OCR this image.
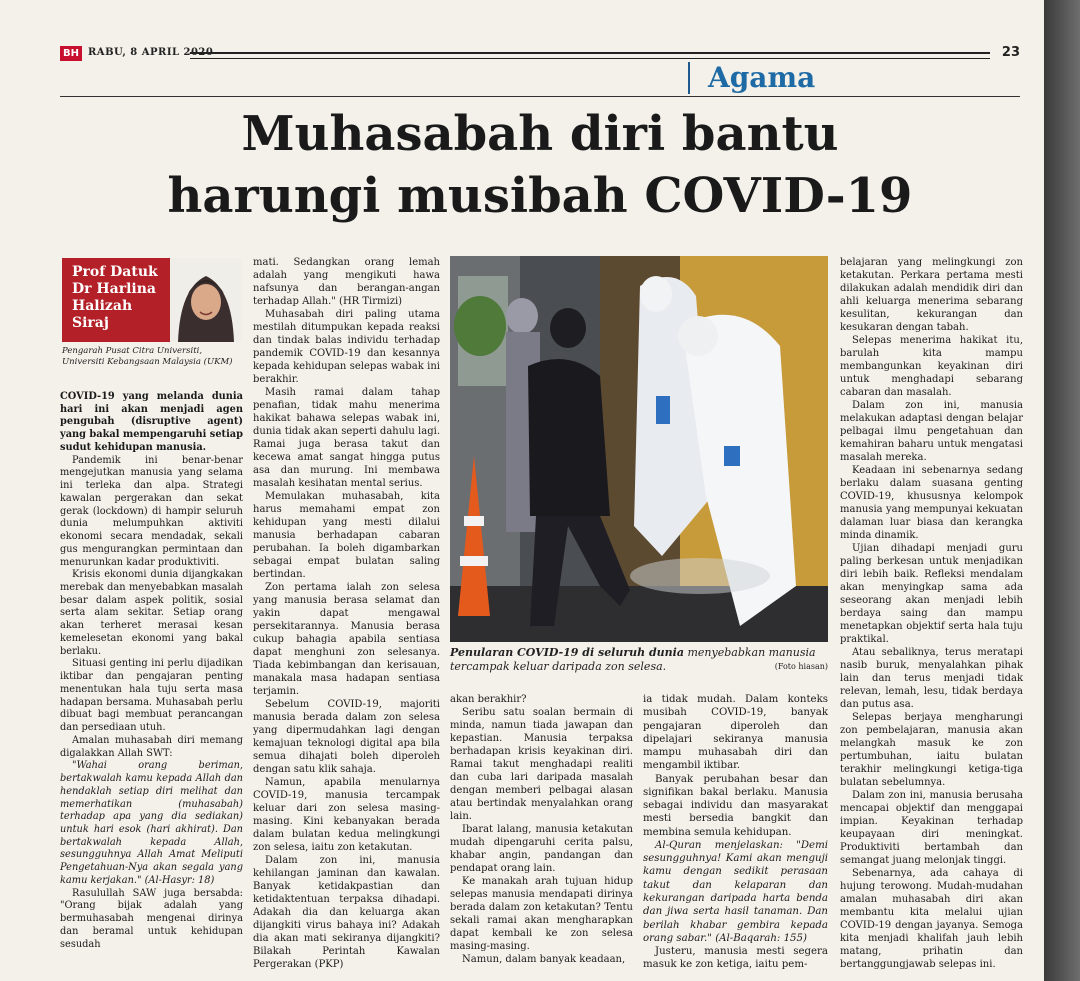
BH RABU, 8 APRIL 2020	23
Agama
Muhasabah diri bantu
harungi musibah COVID-19
Prof Datuk
Dr Harlina
Halizah
Siraj
Pengarah Pusat Citra Universiti, Universiti Kebangsaan Malaysia (UKM)

COVID-19 yang melanda dunia hari ini akan menjadi agen pengubah (disruptive agent) yang bakal mempengaruhi setiap sudut kehidupan manusia.

Pandemik ini benar-benar mengejutkan manusia yang selama ini terleka dan alpa. Strategi kawalan pergerakan dan sekat gerak (lockdown) di hampir seluruh dunia melumpuhkan aktiviti ekonomi secara mendadak, sekali gus mengurangkan permintaan dan menurunkan kadar produktiviti.

Krisis ekonomi dunia dijangkakan merebak dan menyebabkan masalah besar dalam aspek politik, sosial serta alam sekitar. Setiap orang akan terheret merasai kesan kemelesetan ekonomi yang bakal berlaku.

Situasi genting ini perlu dijadikan iktibar dan pengajaran penting menentukan hala tuju serta masa hadapan bersama. Muhasabah perlu dibuat bagi membuat perancangan dan persediaan utuh.

Amalan muhasabah diri memang digalakkan Allah SWT:

"Wahai orang beriman, bertakwalah kamu kepada Allah dan hendaklah setiap diri melihat dan memerhatikan (muhasabah) terhadap apa yang dia sediakan) untuk hari esok (hari akhirat). Dan bertakwalah kepada Allah, sesungguhnya Allah Amat Meliputi Pengetahuan-Nya akan segala yang kamu kerjakan." (Al-Hasyr: 18)

Rasulullah SAW juga bersabda: "Orang bijak adalah yang bermuhasabah mengenai dirinya dan beramal untuk kehidupan sesudah

mati. Sedangkan orang lemah adalah yang mengikuti hawa nafsunya dan berangan-angan terhadap Allah." (HR Tirmizi)

Muhasabah diri paling utama mestilah ditumpukan kepada reaksi dan tindak balas individu terhadap pandemik COVID-19 dan kesannya kepada kehidupan selepas wabak ini berakhir.

Masih ramai dalam tahap penafian, tidak mahu menerima hakikat bahawa selepas wabak ini, dunia tidak akan seperti dahulu lagi. Ramai juga berasa takut dan kecewa amat sangat hingga putus asa dan murung. Ini membawa masalah kesihatan mental serius.

Memulakan muhasabah, kita harus memahami empat zon kehidupan yang mesti dilalui manusia berhadapan cabaran perubahan. Ia boleh digambarkan sebagai empat bulatan saling bertindan.

Zon pertama ialah zon selesa yang manusia berasa selamat dan yakin dapat mengawal persekitarannya. Manusia berasa cukup bahagia apabila sentiasa dapat menghuni zon selesanya. Tiada kebimbangan dan kerisauan, manakala masa hadapan sentiasa terjamin.

Sebelum COVID-19, majoriti manusia berada dalam zon selesa yang dipermudahkan lagi dengan kemajuan teknologi digital apa bila semua dihajati boleh diperoleh dengan satu klik sahaja.

Namun, apabila menularnya COVID-19, manusia tercampak keluar dari zon selesa masing-masing. Kini kebanyakan berada dalam bulatan kedua melingkungi zon selesa, iaitu zon ketakutan.

Dalam zon ini, manusia kehilangan jaminan dan kawalan. Banyak ketidakpastian dan ketidaktentuan terpaksa dihadapi. Adakah dia dan keluarga akan dijangkiti virus bahaya ini? Adakah dia akan mati sekiranya dijangkiti? Bilakah Perintah Kawalan Pergerakan (PKP)

Penularan COVID-19 di seluruh dunia menyebabkan manusia tercampak keluar daripada zon selesa.	(Foto hiasan)

akan berakhir?

Seribu satu soalan bermain di minda, namun tiada jawapan dan kepastian. Manusia terpaksa berhadapan krisis keyakinan diri. Ramai takut menghadapi realiti dan cuba lari daripada masalah dengan memberi pelbagai alasan atau bertindak menyalahkan orang lain.

Ibarat lalang, manusia ketakutan mudah dipengaruhi cerita palsu, khabar angin, pandangan dan pendapat orang lain.

Ke manakah arah tujuan hidup selepas manusia mendapati dirinya berada dalam zon ketakutan? Tentu sekali ramai akan mengharapkan dapat kembali ke zon selesa masing-masing.

Namun, dalam banyak keadaan,

ia tidak mudah. Dalam konteks musibah COVID-19, banyak pengajaran diperoleh dan dipelajari sekiranya manusia mampu muhasabah diri dan mengambil iktibar.

Banyak perubahan besar dan signifikan bakal berlaku. Manusia sebagai individu dan masyarakat mesti bersedia bangkit dan membina semula kehidupan.

Al-Quran menjelaskan: "Demi sesungguhnya! Kami akan menguji kamu dengan sedikit perasaan takut dan kelaparan dan kekurangan daripada harta benda dan jiwa serta hasil tanaman. Dan berilah khabar gembira kepada orang sabar." (Al-Baqarah: 155)

Justeru, manusia mesti segera masuk ke zon ketiga, iaitu pem-

belajaran yang melingkungi zon ketakutan. Perkara pertama mesti dilakukan adalah mendidik diri dan ahli keluarga menerima sebarang kesulitan, kekurangan dan kesukaran dengan tabah.

Selepas menerima hakikat itu, barulah kita mampu membangunkan keyakinan diri untuk menghadapi sebarang cabaran dan masalah.

Dalam zon ini, manusia melakukan adaptasi dengan belajar pelbagai ilmu pengetahuan dan kemahiran baharu untuk mengatasi masalah mereka.

Keadaan ini sebenarnya sedang berlaku dalam suasana genting COVID-19, khususnya kelompok manusia yang mempunyai kekuatan dalaman luar biasa dan kerangka minda dinamik.

Ujian dihadapi menjadi guru paling berkesan untuk menjadikan diri lebih baik. Refleksi mendalam akan menyingkap sama ada seseorang akan menjadi lebih berdaya saing dan mampu menetapkan objektif serta hala tuju praktikal.

Atau sebaliknya, terus meratapi nasib buruk, menyalahkan pihak lain dan terus menjadi tidak relevan, lemah, lesu, tidak berdaya dan putus asa.

Selepas berjaya mengharungi zon pembelajaran, manusia akan melangkah masuk ke zon pertumbuhan, iaitu bulatan terakhir melingkungi ketiga-tiga bulatan sebelumnya.

Dalam zon ini, manusia berusaha mencapai objektif dan menggapai impian. Keyakinan terhadap keupayaan diri meningkat. Produktiviti bertambah dan semangat juang melonjak tinggi.

Sebenarnya, ada cahaya di hujung terowong. Mudah-mudahan amalan muhasabah diri akan membantu kita melalui ujian COVID-19 dengan jayanya. Semoga kita menjadi khalifah jauh lebih matang, prihatin dan bertanggungjawab selepas ini.
